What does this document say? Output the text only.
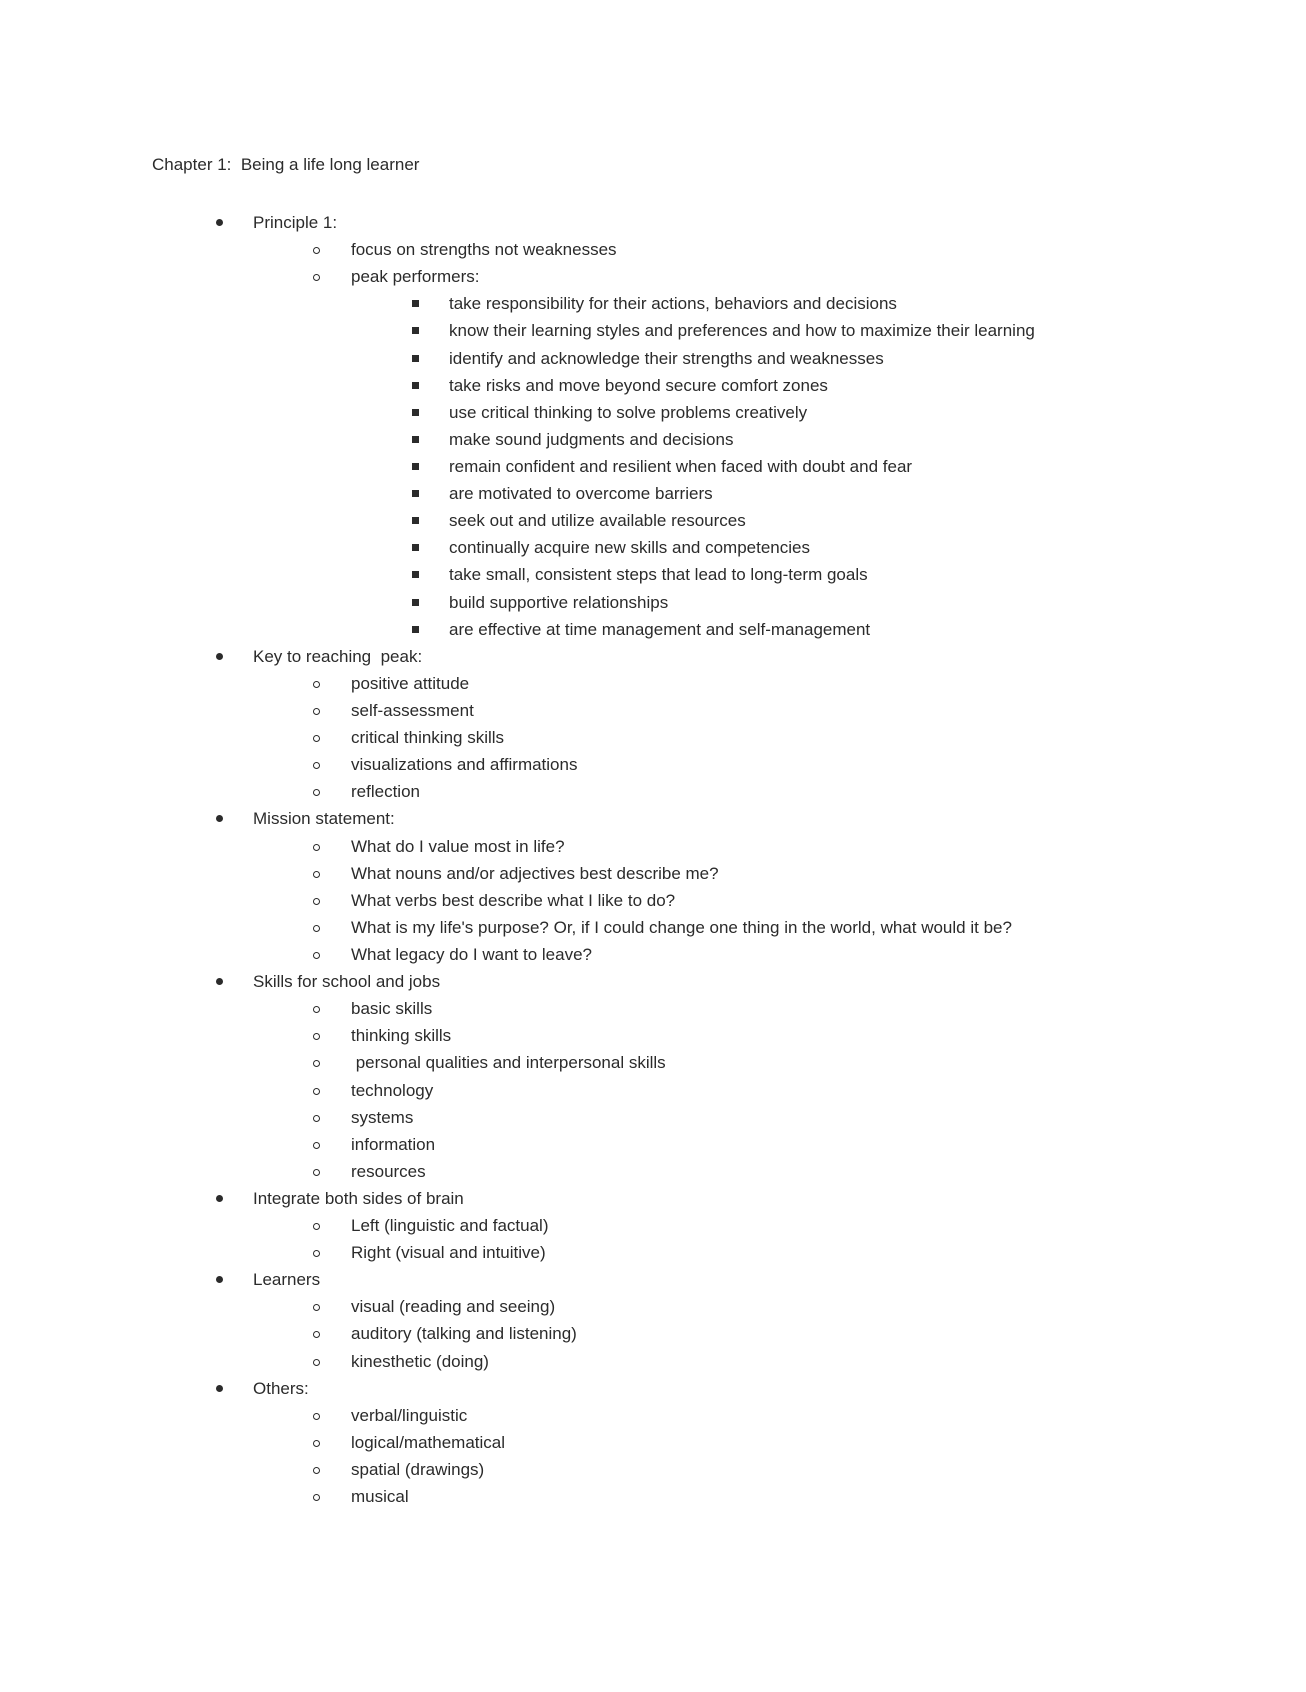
Chapter 1:  Being a life long learner
Principle 1:
focus on strengths not weaknesses
peak performers:
take responsibility for their actions, behaviors and decisions
know their learning styles and preferences and how to maximize their learning
identify and acknowledge their strengths and weaknesses
take risks and move beyond secure comfort zones
use critical thinking to solve problems creatively
make sound judgments and decisions
remain confident and resilient when faced with doubt and fear
are motivated to overcome barriers
seek out and utilize available resources
continually acquire new skills and competencies
take small, consistent steps that lead to long-term goals
build supportive relationships
are effective at time management and self-management
Key to reaching  peak:
positive attitude
self-assessment
critical thinking skills
visualizations and affirmations
reflection
Mission statement:
What do I value most in life?
What nouns and/or adjectives best describe me?
What verbs best describe what I like to do?
What is my life's purpose? Or, if I could change one thing in the world, what would it be?
What legacy do I want to leave?
Skills for school and jobs
basic skills
thinking skills
personal qualities and interpersonal skills
technology
systems
information
resources
Integrate both sides of brain
Left (linguistic and factual)
Right (visual and intuitive)
Learners
visual (reading and seeing)
auditory (talking and listening)
kinesthetic (doing)
Others:
verbal/linguistic
logical/mathematical
spatial (drawings)
musical
